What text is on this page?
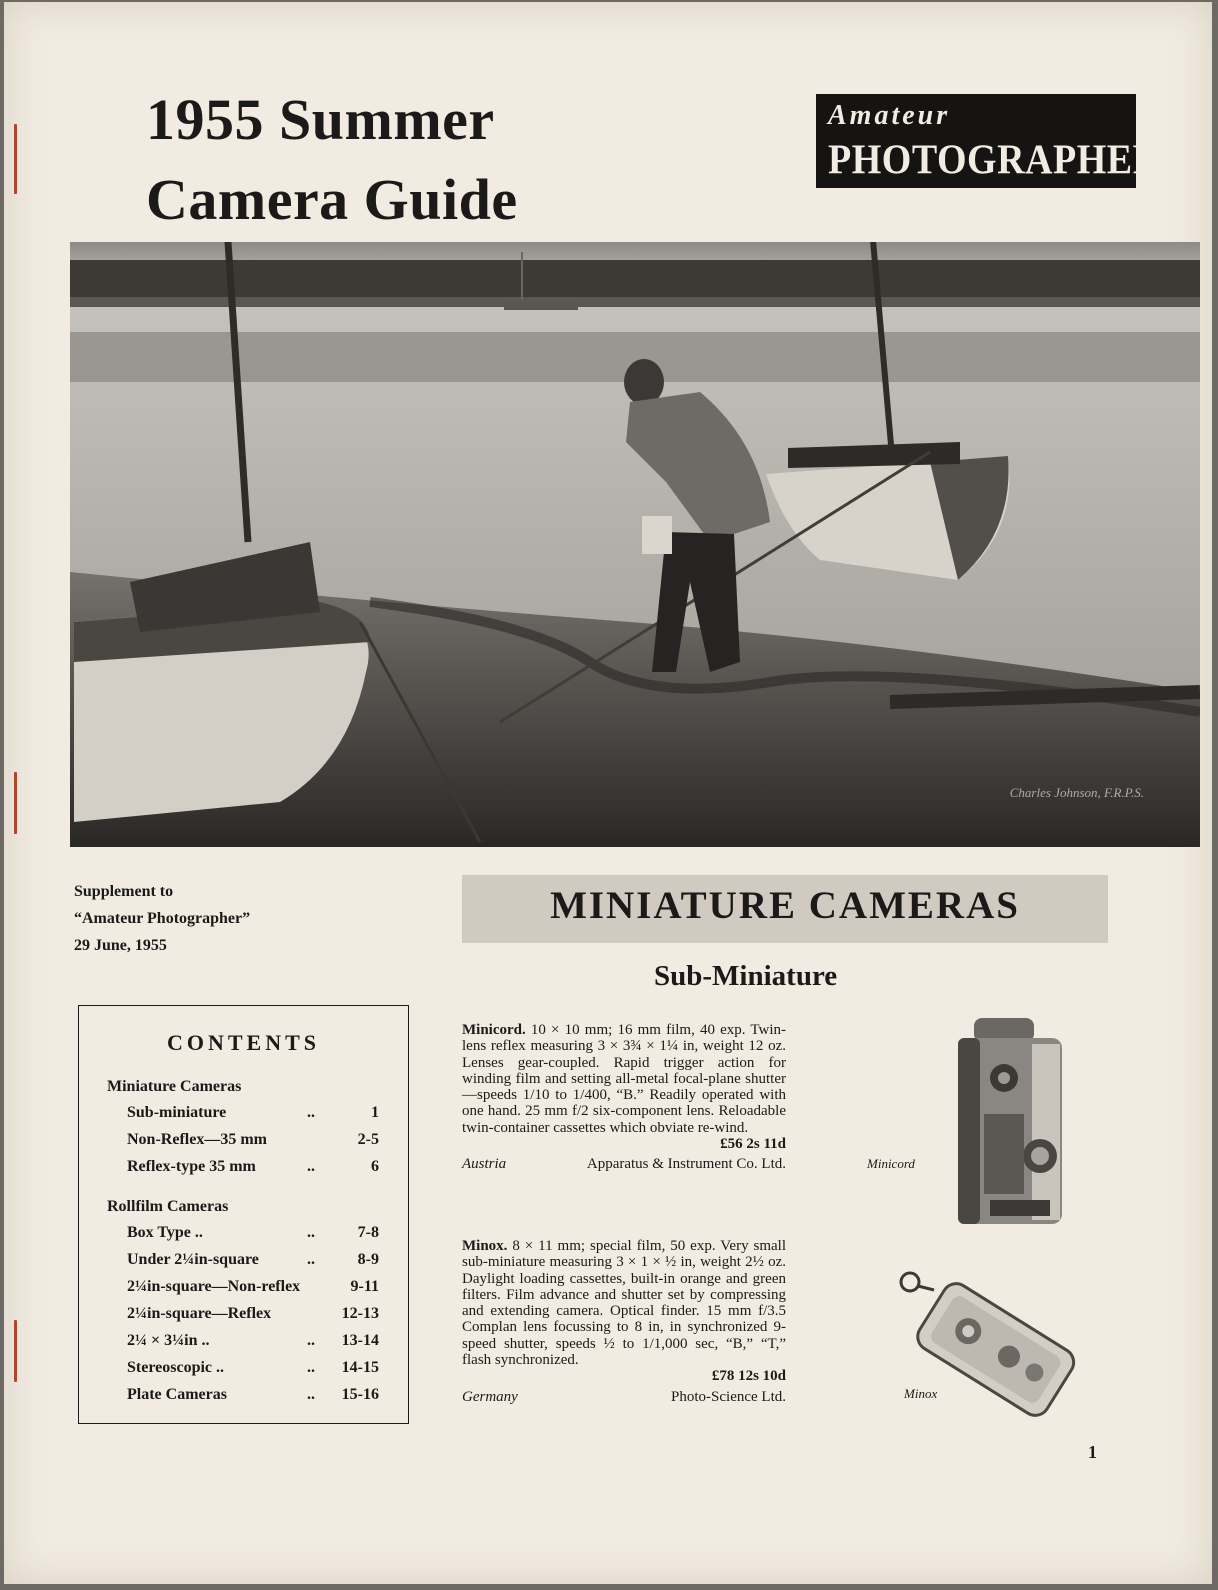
Charles Johnson, F.R.P.S.
1955 Summer
Camera Guide
Amateur
PHOTOGRAPHER
Supplement to
“Amateur Photographer”
29 June, 1955
CONTENTS
Miniature Cameras
Sub-miniature	..	1
Non-Reflex—35 mm	2-5
Reflex-type 35 mm	..	6
Rollfilm Cameras
Box Type ..	..	7-8
Under 2¼in-square	..	8-9
2¼in-square—Non-reflex	9-11
2¼in-square—Reflex	12-13
2¼ × 3¼in ..	.. 13-14
Stereoscopic ..	.. 14-15
Plate Cameras	.. 15-16
MINIATURE CAMERAS
Sub-Miniature
Minicord. 10 × 10 mm; 16 mm film, 40 exp. Twin-lens reflex measuring 3 × 3¾ × 1¼ in, weight 12 oz. Lenses gear-coupled. Rapid trigger action for winding film and setting all-metal focal-plane shutter—speeds 1/10 to 1/400, “B.” Readily operated with one hand. 25 mm f/2 six-component lens. Reloadable twin-container cassettes which obviate re-wind.
£56 2s 11d
Austria	Apparatus & Instrument Co. Ltd.
Minox. 8 × 11 mm; special film, 50 exp. Very small sub-miniature measuring 3 × 1 × ½ in, weight 2½ oz. Daylight loading cassettes, built-in orange and green filters. Film advance and shutter set by compressing and extending camera. Optical finder. 15 mm f/3.5 Complan lens focussing to 8 in, in synchronized 9-speed shutter, speeds ½ to 1/1,000 sec, “B,” “T,” flash synchronized.
£78 12s 10d
Germany	Photo-Science Ltd.
Minicord
Minox
1
